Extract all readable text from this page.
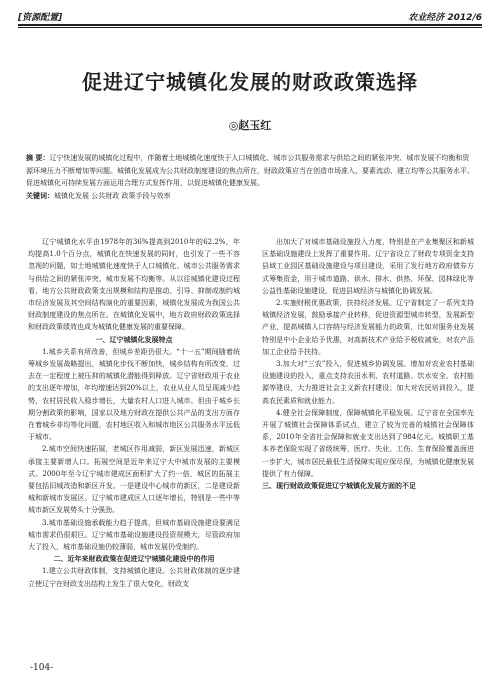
[资源配置]	农业经济 2012/6
促进辽宁城镇化发展的财政政策选择
◎赵玉红
摘 要：辽宁快速发展的城镇化过程中，伴随着土地城镇化速度快于人口城镇化、城市公共服务需求与供给之间的紧张冲突、城市发展不均衡和资源环境压力不断增加等问题。城镇化发展成为公共财政制度建设的焦点所在，财政政策应当在创造市场准入、要素流动、建立均等公共服务水平、促进城镇化可持续发展方面运用合理方式发挥作用，以促进城镇化健康发展。
关键词：城镇化发展 公共财政 政策手段与效率

辽宁城镇化水平由1978年的36%提高到2010年的62.2%，年均提高1.0个百分点，城镇化在快速发展的同时，也引发了一些不容忽视的问题，如土地城镇化速度快于人口城镇化、城市公共服务需求与供给之间的紧张冲突、城市发展不均衡等。从以往城镇化建设过程看，地方公共财政政策支出规模和结构是推动、引导、抑制或制约城市经济发展及其空间结构演化的重要因素，城镇化发展成为我国公共财政制度建设的焦点所在。在城镇化发展中，地方政府财政政策选择和财政政策绩效也成为城镇化健康发展的重要保障。

一、辽宁城镇化发展特点

1.城乡关系有所改善，但城乡差距仍很大。“十一五”期间随着统筹城乡发展战略提出，城镇化步伐不断加快，城乡结构有所改变，过去在一定程度上被压抑的城镇化潜能得到释放。辽宁省财政用于农业的支出逐年增加，年均增速达到20%以上，农业从业人员呈现减少趋势，农村居民收入稳步增长，大量农村人口进入城市。但由于城乡长期分割政策的影响，国家以及地方财政在提供公共产品的支出方面存在着城乡非均等化问题，农村地区收入和城市地区公共服务水平远低于城市。

2.城市空间快速拓展，老城区作用减弱，新区发展迅速，新城区承接主要新增人口。拓展空间是近年来辽宁大中城市发展的主要模式。2000年至今辽宁城市建成区面积扩大了约一倍，城区的拓展主要包括旧城改造和新区开发。一是建设中心城市的新区，二是建设新城和新城市发展区。辽宁城市建成区人口逐年增长，特别是一些中等城市新区发展势头十分强劲。

3.城市基础设施承载能力趋于提高，但城市基础设施建设要满足城市需求仍很艰巨。辽宁城市基础设施建设投资规模大，尽管政府加大了投入，城市基础设施仍较薄弱，城市发展仍受制约。

二、近年来财政政策在促进辽宁城镇化建设中的作用

1.建立公共财政体制，支持城镇化建设。公共财政体制的逐步建立使辽宁在财政支出结构上发生了很大变化，财政支

出加大了对城市基础设施投入力度，特别是在产业集聚区和新城区基础设施建设上发挥了重要作用。辽宁省设立了财政专项资金支持县域工业园区基础设施建设与项目建设，采用了发行地方政府债券方式筹集资金，用于城市道路、供水、排水、供热、环保、园林绿化等公益性基础设施建设，促进县域经济与城镇化协调发展。

2.实施财税优惠政策，扶持经济发展。辽宁省制定了一系列支持城镇经济发展，鼓励承接产业转移，促进资源型城市转型，发展新型产业，提高城镇人口容纳与经济发展能力的政策，比如对服务业发展特别是中小企业给予优惠，对高新技术产业给予税收减免，对农产品加工企业给予扶持。

3.加大对“三农”投入，促进城乡协调发展。增加对农业农村基础设施建设的投入，重点支持农田水利、农村道路、饮水安全、农村能源等建设，大力推进社会主义新农村建设；加大对农民培训投入，提高农民素质和就业能力。

4.健全社会保障制度，保障城镇化平稳发展。辽宁省在全国率先开展了城镇社会保障体系试点，建立了较为完善的城镇社会保障体系，2010年全省社会保障和就业支出达到了984亿元。城镇职工基本养老保险实现了省级统筹，医疗、失业、工伤、生育保险覆盖面进一步扩大，城市居民最低生活保障实现应保尽保，为城镇化健康发展提供了有力保障。

三、现行财政政策促进辽宁城镇化发展方面的不足

-104-
